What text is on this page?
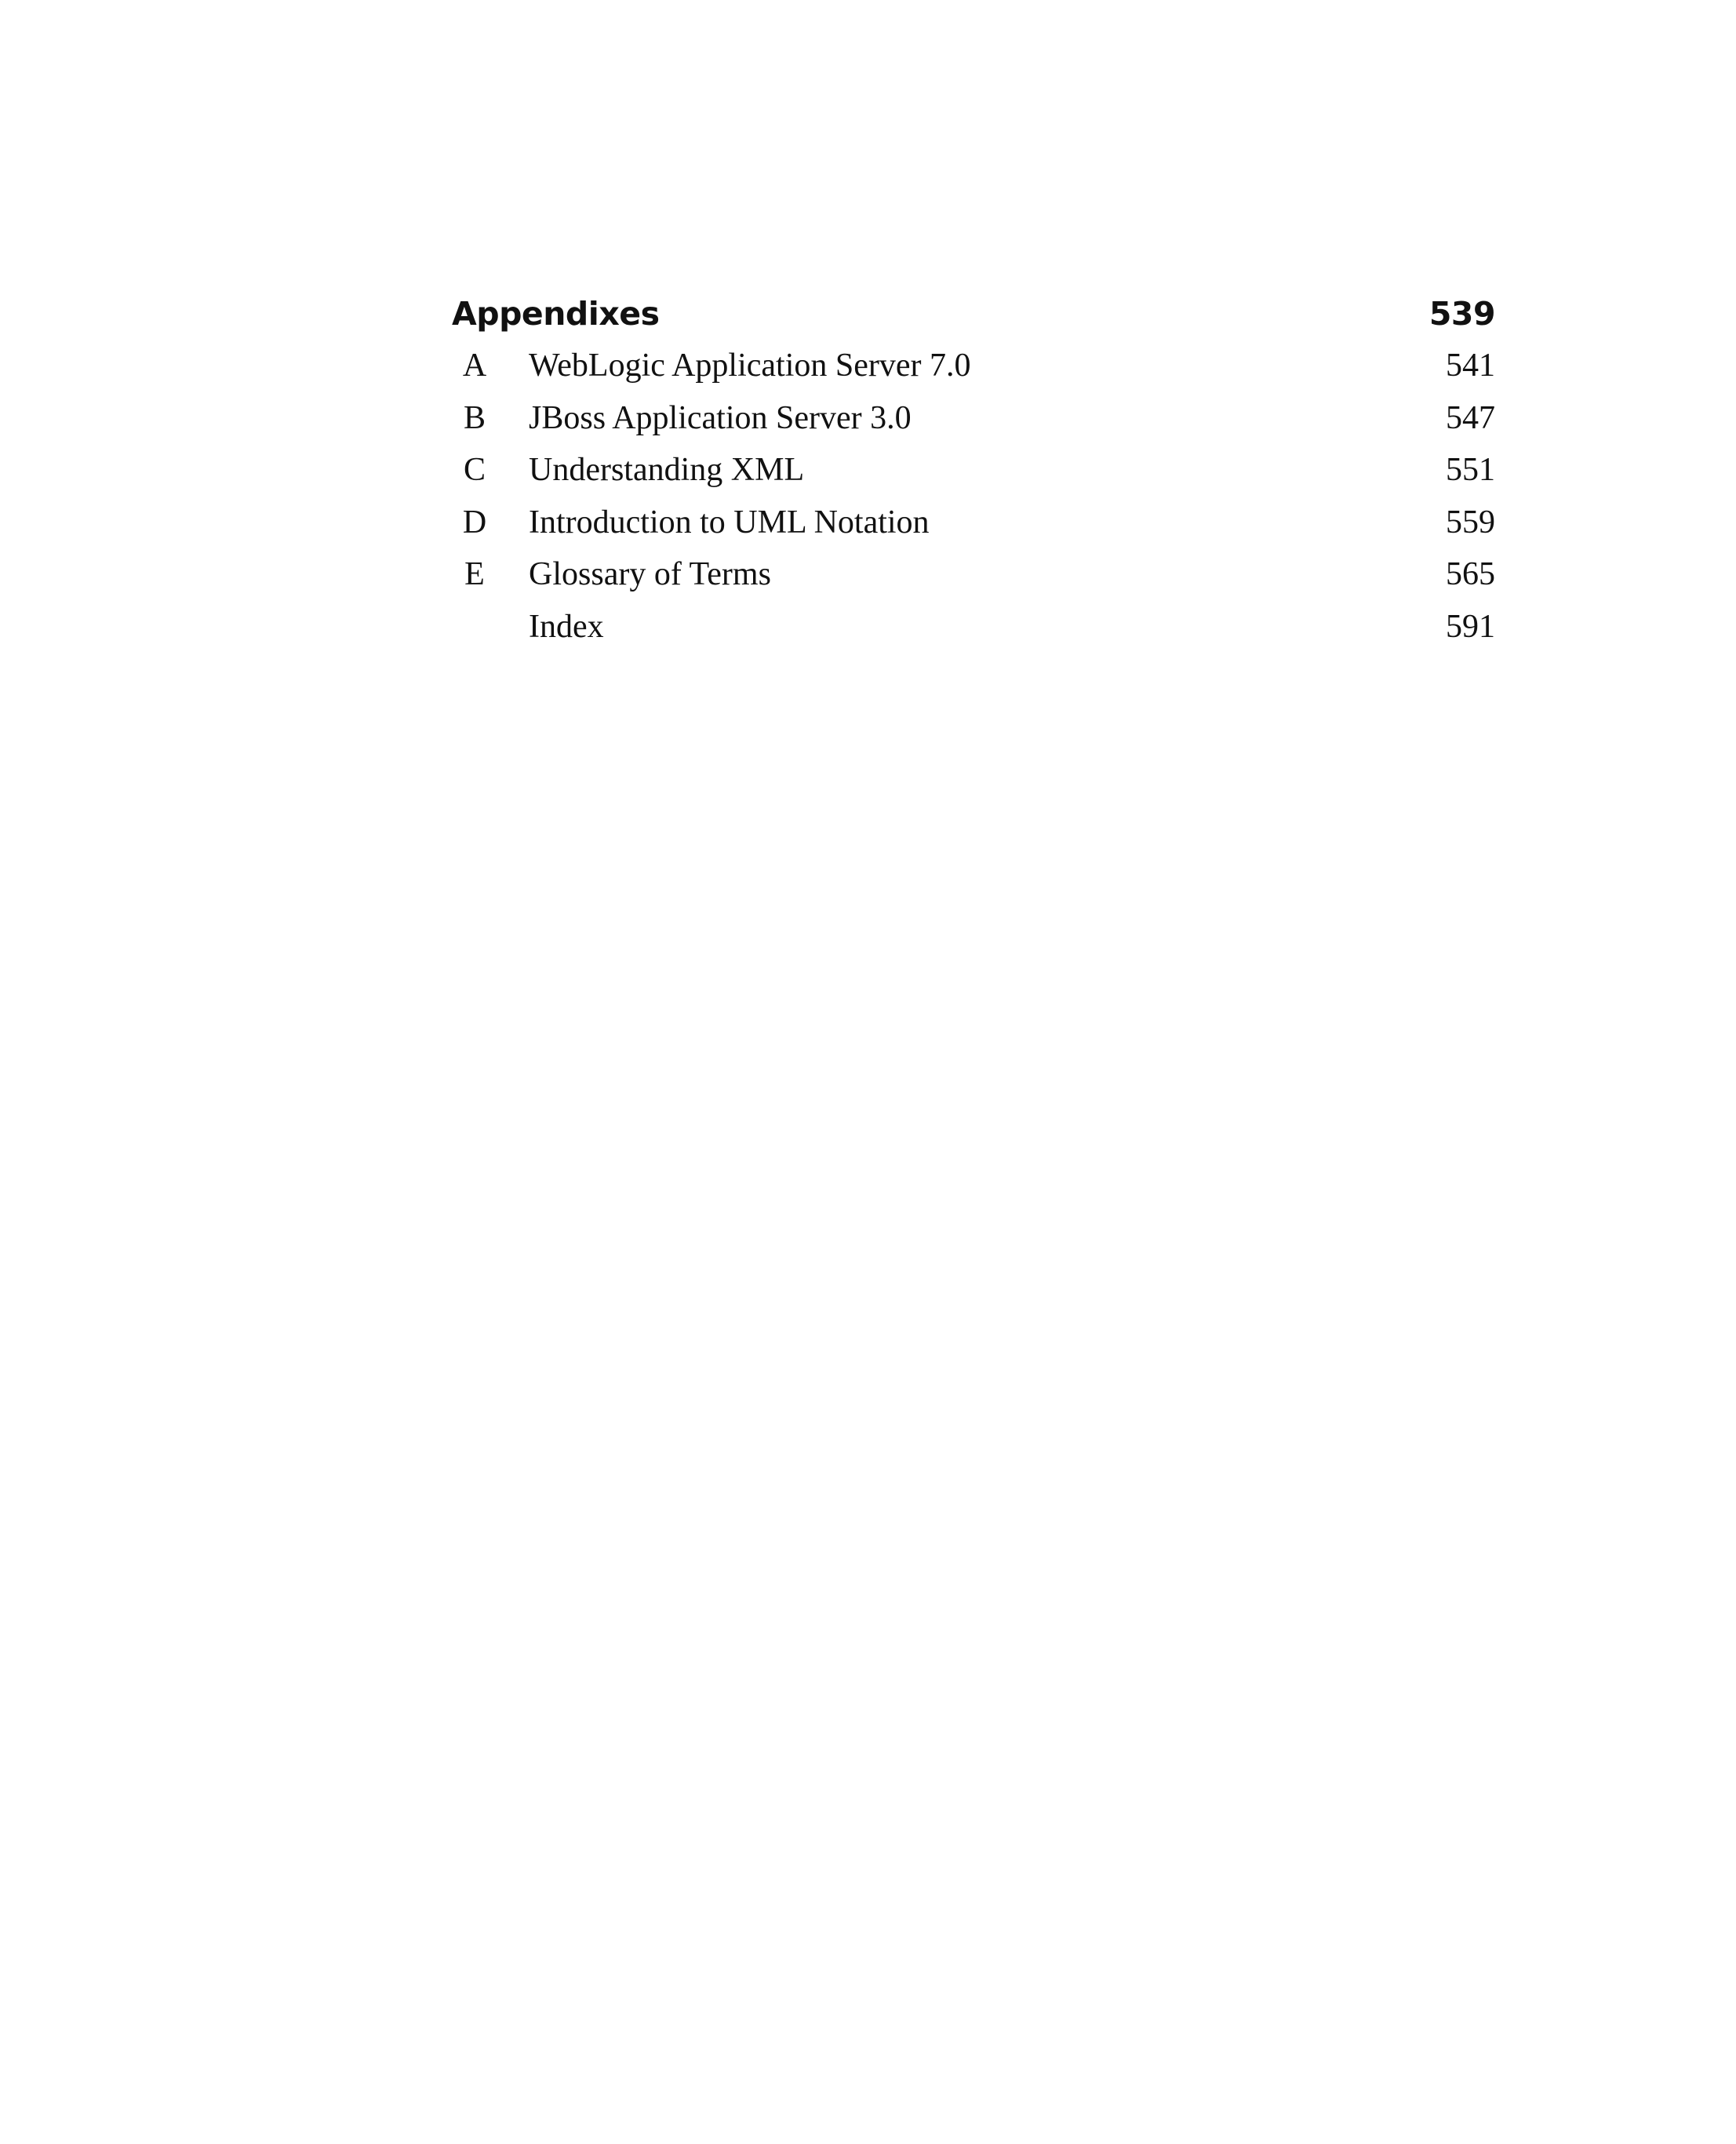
Appendixes	539
A	WebLogic Application Server 7.0	541
B	JBoss Application Server 3.0	547
C	Understanding XML	551
D	Introduction to UML Notation	559
E	Glossary of Terms	565
Index	591
